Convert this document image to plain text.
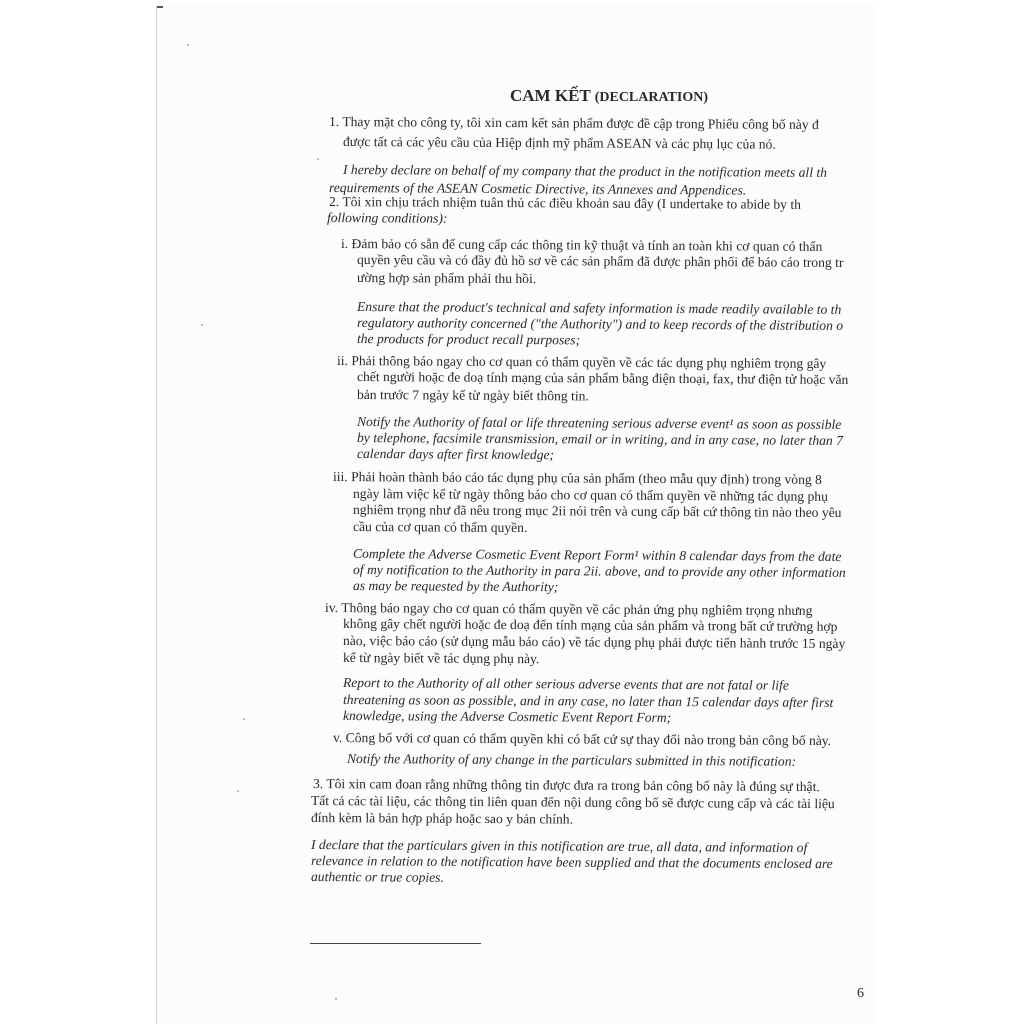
CAM KẾT (DECLARATION)
1. Thay mặt cho công ty, tôi xin cam kết sản phẩm được đề cập trong Phiếu công bố này đ
được tất cả các yêu cầu của Hiệp định mỹ phẩm ASEAN và các phụ lục của nó.
I hereby declare on behalf of my company that the product in the notification meets all th
requirements of the ASEAN Cosmetic Directive, its Annexes and Appendices.
2. Tôi xin chịu trách nhiệm tuân thủ các điều khoản sau đây (I undertake to abide by th
following conditions):
i. Đảm bảo có sẵn để cung cấp các thông tin kỹ thuật và tính an toàn khi cơ quan có thẩn
quyền yêu cầu và có đầy đủ hồ sơ về các sản phẩm đã được phân phối để báo cáo trong tr
ường hợp sản phẩm phải thu hồi.
Ensure that the product's technical and safety information is made readily available to th
regulatory authority concerned ("the Authority") and to keep records of the distribution o
the products for product recall purposes;
ii. Phải thông báo ngay cho cơ quan có thẩm quyền về các tác dụng phụ nghiêm trọng gây
chết người hoặc đe doạ tính mạng của sản phẩm bằng điện thoại, fax, thư điện tử hoặc văn
bản trước 7 ngày kể từ ngày biết thông tin.
Notify the Authority of fatal or life threatening serious adverse event¹ as soon as possible
by telephone, facsimile transmission, email or in writing, and in any case, no later than 7
calendar days after first knowledge;
iii. Phải hoàn thành báo cáo tác dụng phụ của sản phẩm (theo mẫu quy định) trong vòng 8
ngày làm việc kể từ ngày thông báo cho cơ quan có thẩm quyền về những tác dụng phụ
nghiêm trọng như đã nêu trong mục 2ii nói trên và cung cấp bất cứ thông tin nào theo yêu
cầu của cơ quan có thẩm quyền.
Complete the Adverse Cosmetic Event Report Form¹ within 8 calendar days from the date
of my notification to the Authority in para 2ii. above, and to provide any other information
as may be requested by the Authority;
iv. Thông báo ngay cho cơ quan có thẩm quyền về các phản ứng phụ nghiêm trọng nhưng
không gây chết người hoặc đe doạ đến tính mạng của sản phẩm và trong bất cứ trường hợp
nào, việc báo cáo (sử dụng mẫu báo cáo) về tác dụng phụ phải được tiến hành trước 15 ngày
kể từ ngày biết về tác dụng phụ này.
Report to the Authority of all other serious adverse events that are not fatal or life
threatening as soon as possible, and in any case, no later than 15 calendar days after first
knowledge, using the Adverse Cosmetic Event Report Form;
v. Công bố với cơ quan có thẩm quyền khi có bất cứ sự thay đổi nào trong bản công bố này.
Notify the Authority of any change in the particulars submitted in this notification:
3. Tôi xin cam đoan rằng những thông tin được đưa ra trong bản công bố này là đúng sự thật.
Tất cả các tài liệu, các thông tin liên quan đến nội dung công bố sẽ được cung cấp và các tài liệu
đính kèm là bản hợp pháp hoặc sao y bản chính.
I declare that the particulars given in this notification are true, all data, and information of
relevance in relation to the notification have been supplied and that the documents enclosed are
authentic or true copies.
6
